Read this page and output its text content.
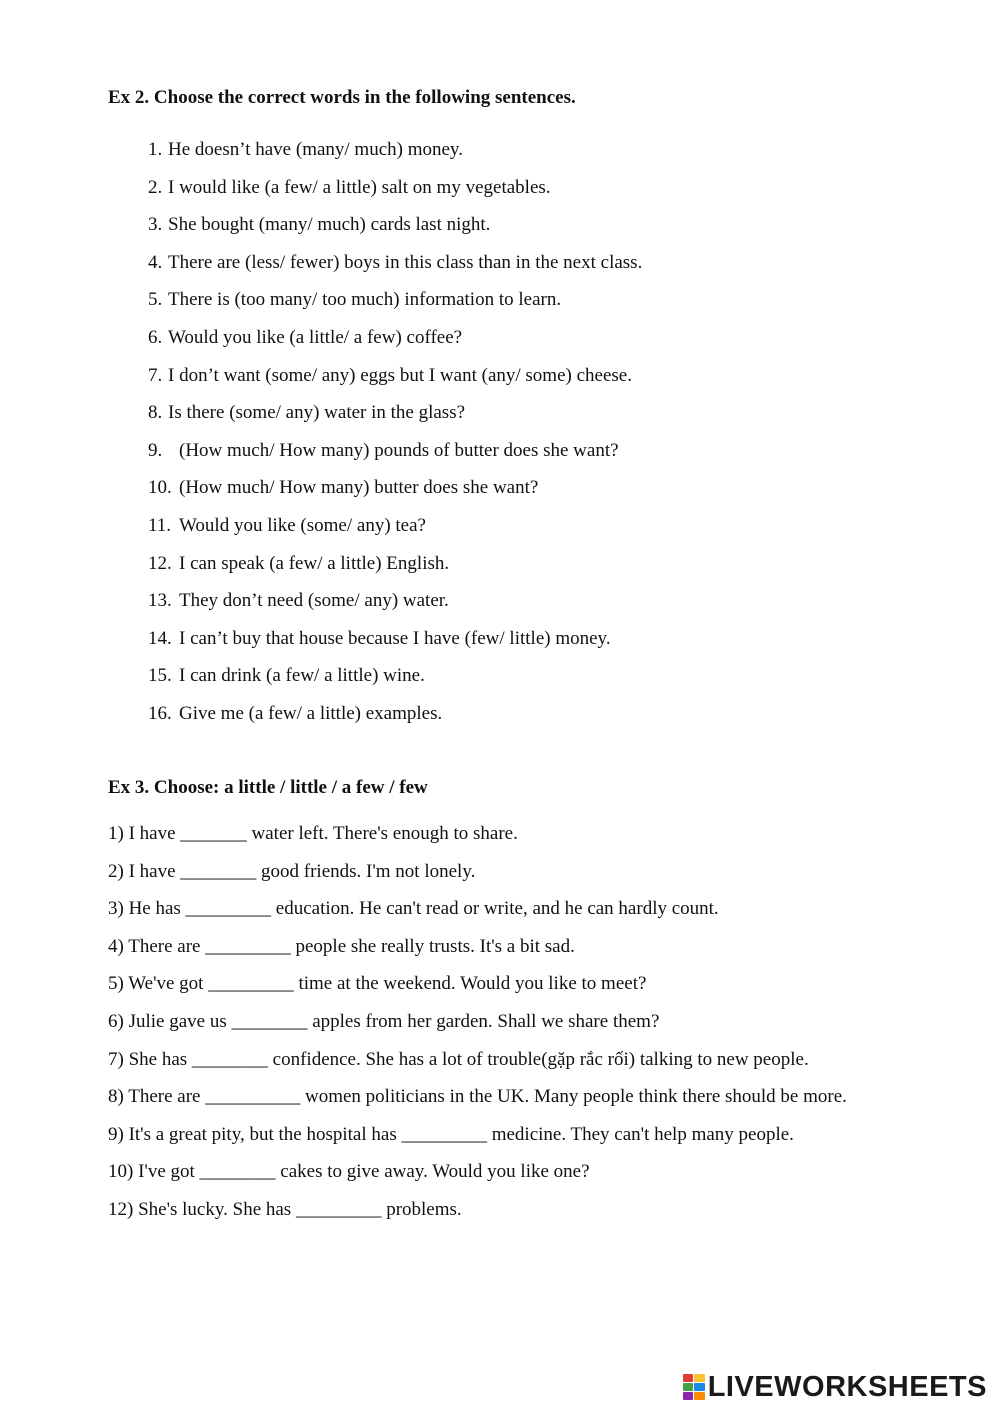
Ex 2. Choose the correct words in the following sentences.
1. He doesn’t have (many/ much) money.
2. I would like (a few/ a little) salt on my vegetables.
3. She bought (many/ much) cards last night.
4. There are (less/ fewer) boys in this class than in the next class.
5. There is (too many/ too much) information to learn.
6. Would you like (a little/ a few) coffee?
7. I don’t want (some/ any) eggs but I want (any/ some) cheese.
8. Is there (some/ any) water in the glass?
9. (How much/ How many) pounds of butter does she want?
10. (How much/ How many) butter does she want?
11. Would you like (some/ any) tea?
12. I can speak (a few/ a little) English.
13. They don’t need (some/ any) water.
14. I can’t buy that house because I have (few/ little) money.
15. I can drink (a few/ a little) wine.
16. Give me (a few/ a little) examples.
Ex 3. Choose: a little / little / a few / few
1) I have _______ water left. There's enough to share.
2) I have ________ good friends. I'm not lonely.
3) He has _________ education. He can't read or write, and he can hardly count.
4) There are _________ people she really trusts. It's a bit sad.
5) We've got _________ time at the weekend. Would you like to meet?
6) Julie gave us ________ apples from her garden. Shall we share them?
7) She has ________ confidence. She has a lot of trouble(gặp rắc rối) talking to new people.
8) There are __________ women politicians in the UK. Many people think there should be more.
9) It's a great pity, but the hospital has _________ medicine. They can't help many people.
10) I've got ________ cakes to give away. Would you like one?
12) She's lucky. She has _________ problems.
LIVEWORKSHEETS
